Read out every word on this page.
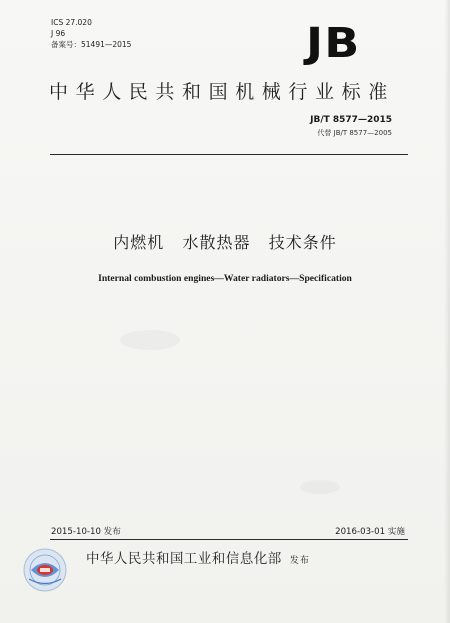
ICS 27.020
J 96
备案号：51491—2015	JB
中华人民共和国机械行业标准
JB/T 8577—2015
代替 JB/T 8577—2005
内燃机   水散热器   技术条件
Internal combustion engines—Water radiators—Specification
2015-10-10 发布	2016-03-01 实施
中华人民共和国工业和信息化部 发布
